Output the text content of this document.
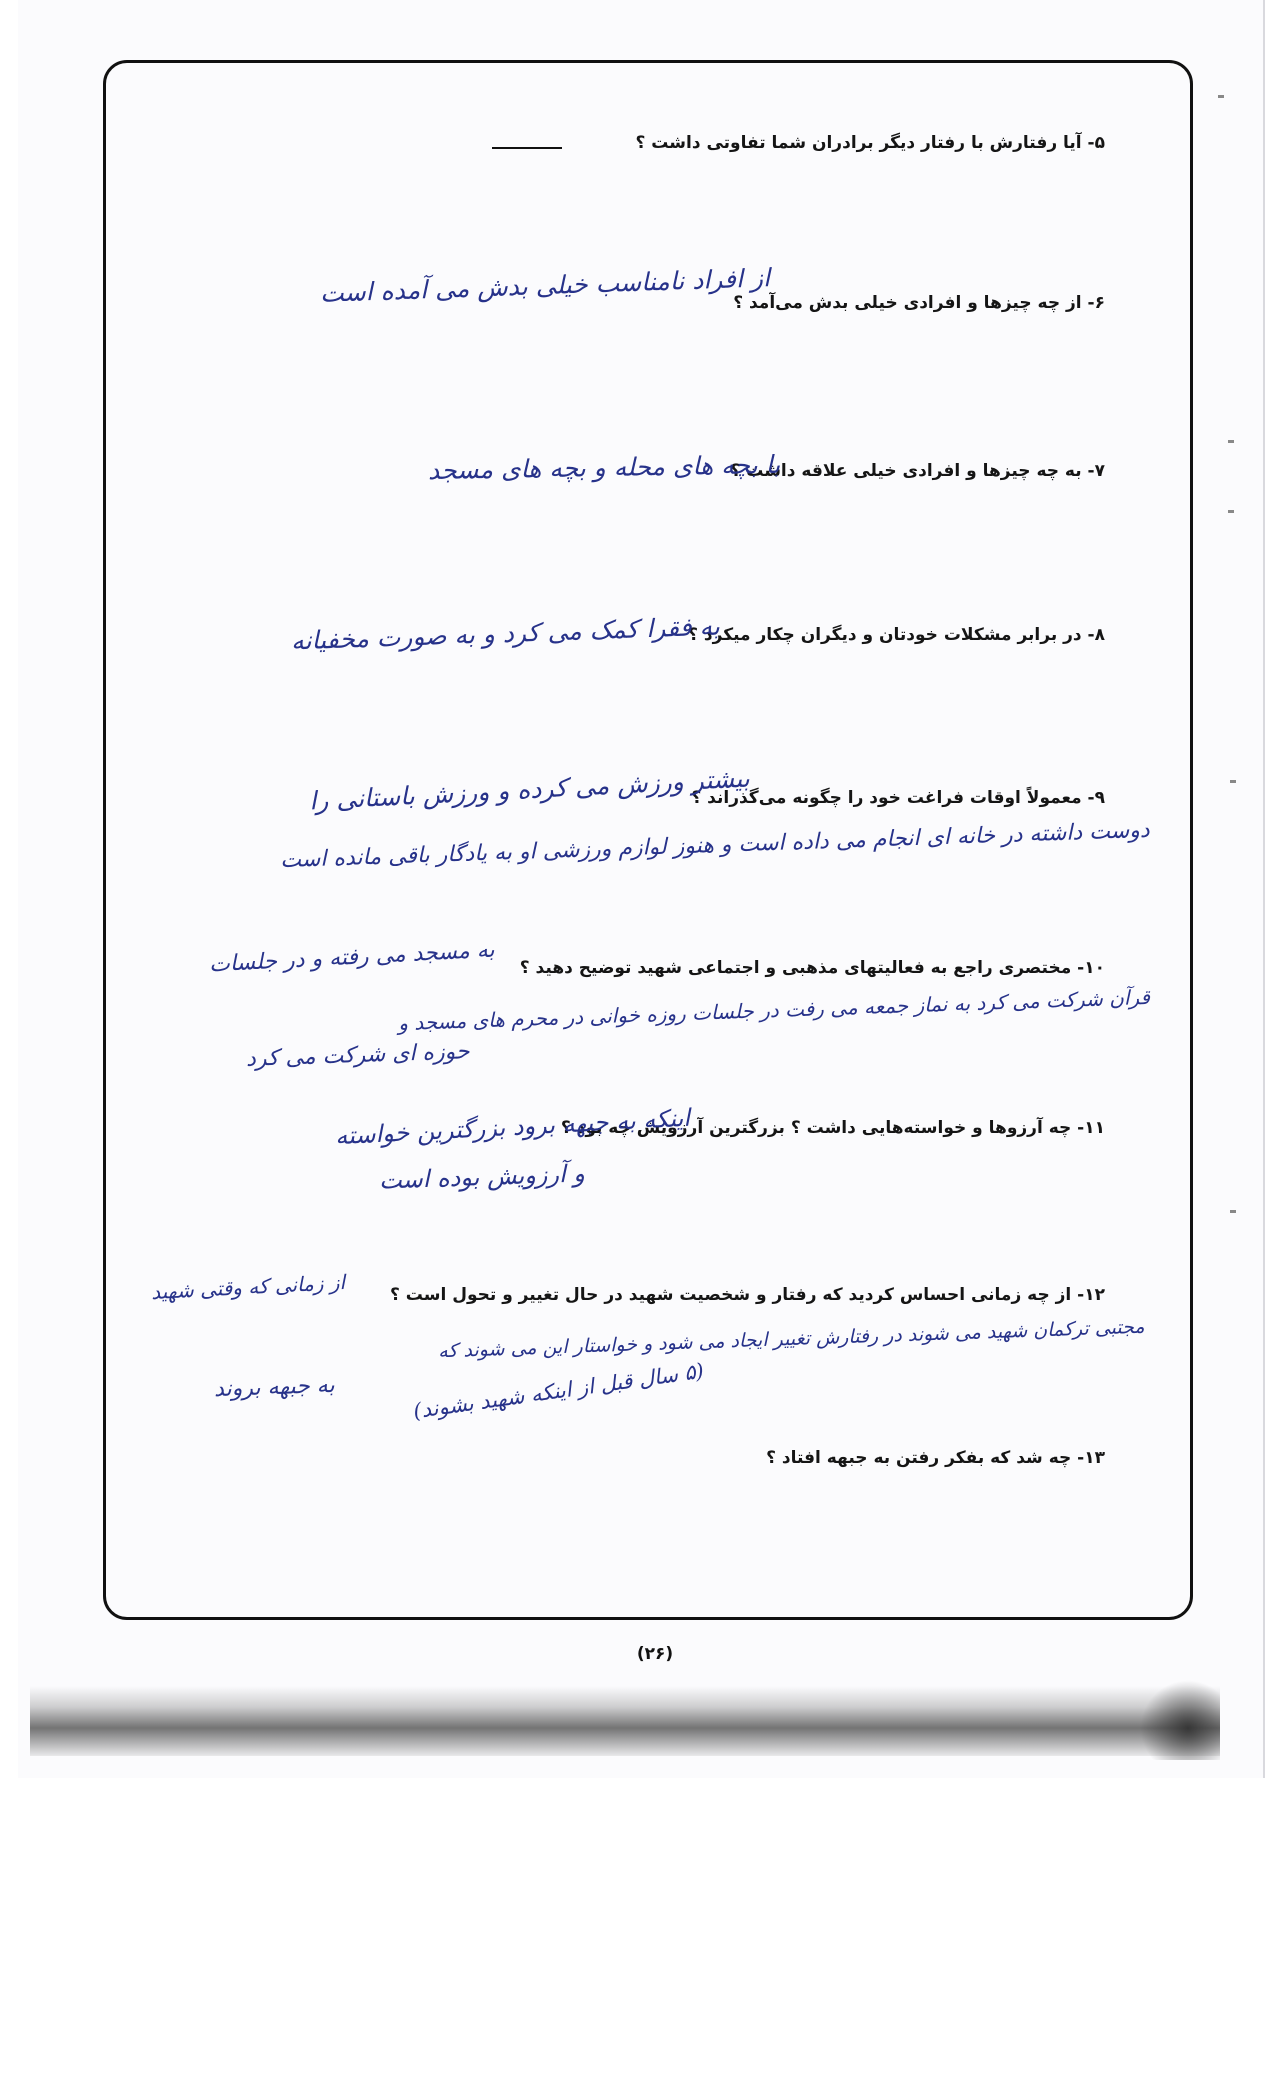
۵- آیا رفتارش با رفتار دیگر برادران شما تفاوتی داشت ؟
۶- از چه چیزها و افرادی خیلی بدش می‌آمد ؟
از افراد نامناسب خیلی بدش می آمده است
۷- به چه چیزها و افرادی خیلی علاقه داشت ؟
با بچه های محله و بچه های مسجد
۸- در برابر مشکلات خودتان و دیگران چکار میکرد ؟
به فقرا کمک می کرد و به صورت مخفیانه
۹- معمولاً اوقات فراغت خود را چگونه می‌گذراند ؟
بیشتر ورزش می کرده و ورزش باستانی را
دوست داشته در خانه ای انجام می داده است و هنوز لوازم ورزشی او به یادگار باقی مانده است
۱۰- مختصری راجع به فعالیتهای مذهبی و اجتماعی شهید توضیح دهید ؟
به مسجد می رفته و در جلسات
قرآن شرکت می کرد به نماز جمعه می رفت در جلسات روزه خوانی در محرم های مسجد و
حوزه ای شرکت می کرد
۱۱- چه آرزوها و خواسته‌هایی داشت ؟ بزرگترین آرزویش چه بود ؟
اینکه به جبهه برود بزرگترین خواسته
و آرزویش بوده است
۱۲- از چه زمانی احساس کردید که رفتار و شخصیت شهید در حال تغییر و تحول است ؟
از زمانی که وقتی شهید
مجتبی ترکمان شهید می شوند در رفتارش تغییر ایجاد می شود و خواستار این می شوند که
به جبهه بروند	(۵ سال قبل از اینکه شهید بشوند)
۱۳- چه شد که بفکر رفتن به جبهه افتاد ؟
(۲۶)
